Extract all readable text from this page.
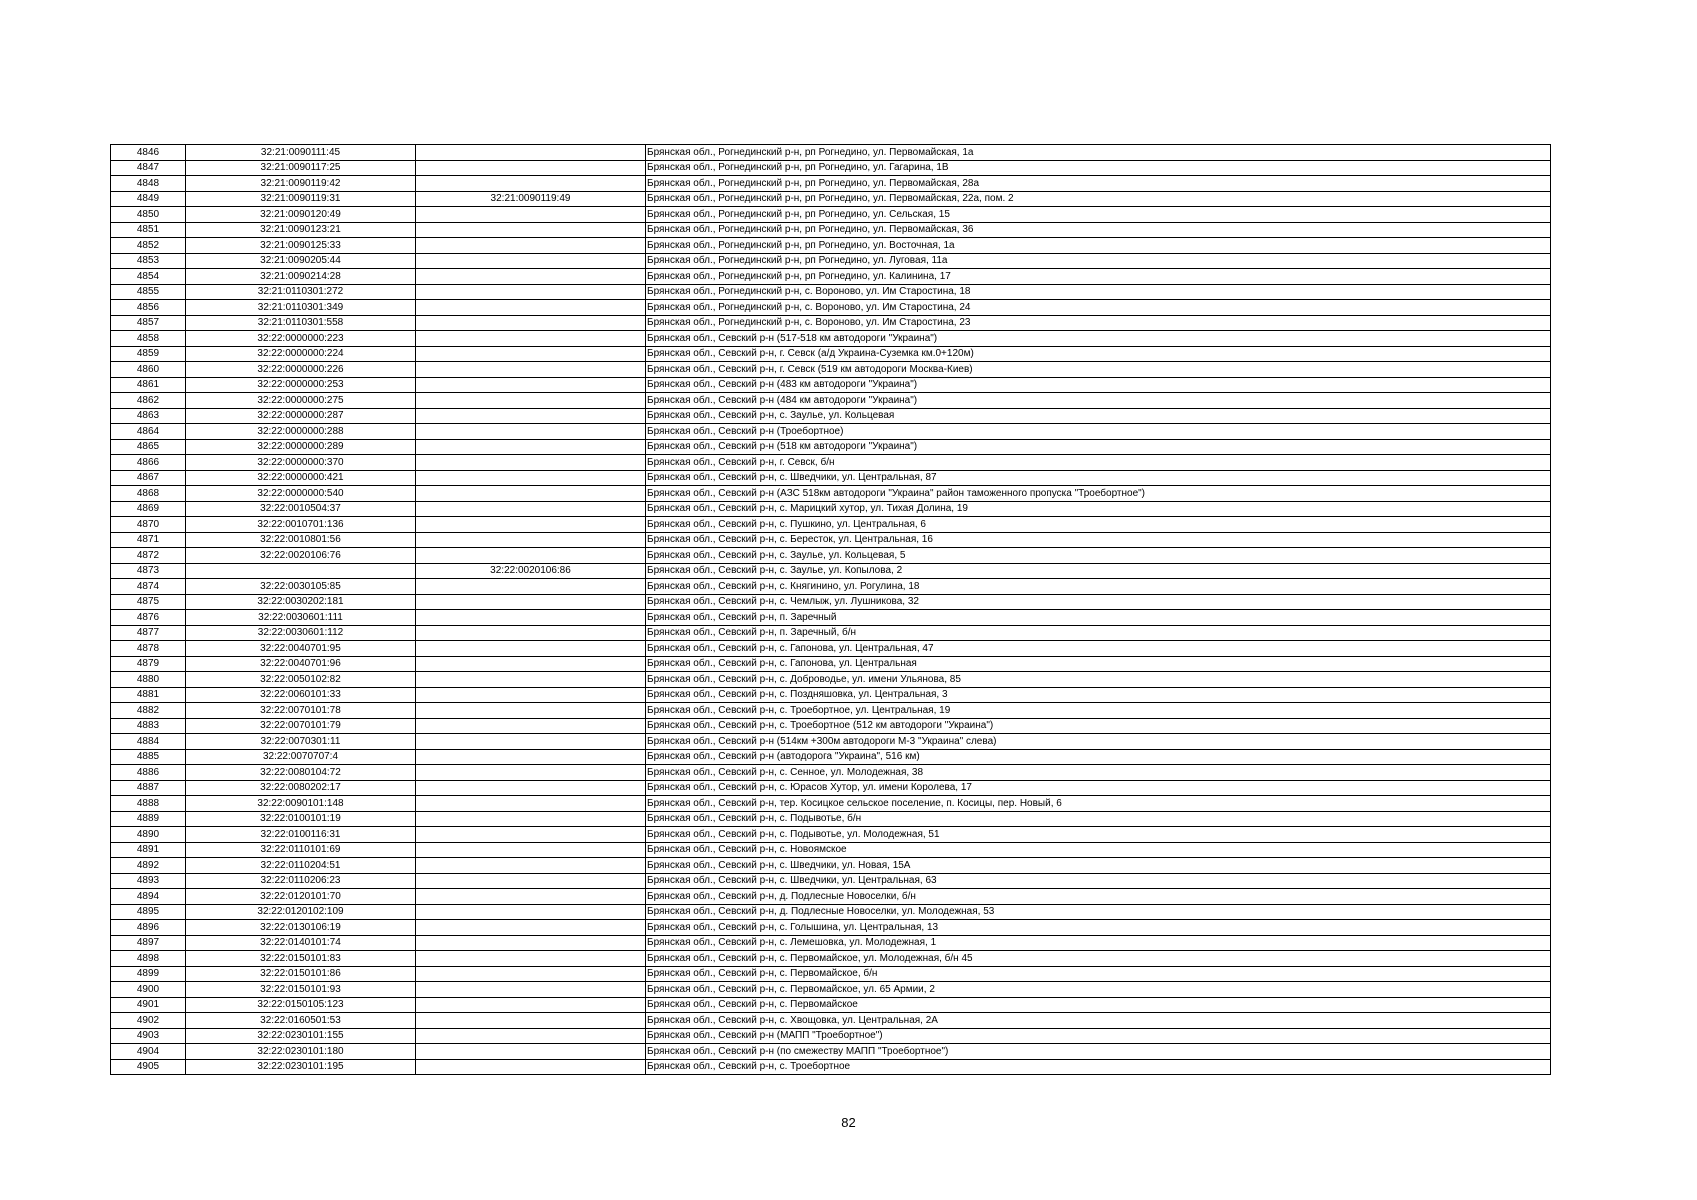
4846	32:21:0090111:45		Брянская обл., Рогнединский р-н, рп Рогнедино, ул. Первомайская, 1а
4847	32:21:0090117:25		Брянская обл., Рогнединский р-н, рп Рогнедино, ул. Гагарина, 1В
4848	32:21:0090119:42		Брянская обл., Рогнединский р-н, рп Рогнедино, ул. Первомайская, 28а
4849	32:21:0090119:31	32:21:0090119:49	Брянская обл., Рогнединский р-н, рп Рогнедино, ул. Первомайская, 22а, пом. 2
4850	32:21:0090120:49		Брянская обл., Рогнединский р-н, рп Рогнедино, ул. Сельская, 15
4851	32:21:0090123:21		Брянская обл., Рогнединский р-н, рп Рогнедино, ул. Первомайская, 36
4852	32:21:0090125:33		Брянская обл., Рогнединский р-н, рп Рогнедино, ул. Восточная, 1а
4853	32:21:0090205:44		Брянская обл., Рогнединский р-н, рп Рогнедино, ул. Луговая, 11а
4854	32:21:0090214:28		Брянская обл., Рогнединский р-н, рп Рогнедино, ул. Калинина, 17
4855	32:21:0110301:272		Брянская обл., Рогнединский р-н, с. Вороново, ул. Им Старостина, 18
4856	32:21:0110301:349		Брянская обл., Рогнединский р-н, с. Вороново, ул. Им Старостина, 24
4857	32:21:0110301:558		Брянская обл., Рогнединский р-н, с. Вороново, ул. Им Старостина, 23
4858	32:22:0000000:223		Брянская обл., Севский р-н (517-518 км автодороги "Украина")
4859	32:22:0000000:224		Брянская обл., Севский р-н, г. Севск (а/д Украина-Суземка км.0+120м)
4860	32:22:0000000:226		Брянская обл., Севский р-н, г. Севск (519 км автодороги Москва-Киев)
4861	32:22:0000000:253		Брянская обл., Севский р-н (483 км автодороги "Украина")
4862	32:22:0000000:275		Брянская обл., Севский р-н (484 км автодороги "Украина")
4863	32:22:0000000:287		Брянская обл., Севский р-н, с. Заулье, ул. Кольцевая
4864	32:22:0000000:288		Брянская обл., Севский р-н (Троебортное)
4865	32:22:0000000:289		Брянская обл., Севский р-н (518 км автодороги "Украина")
4866	32:22:0000000:370		Брянская обл., Севский р-н, г. Севск, б/н
4867	32:22:0000000:421		Брянская обл., Севский р-н, с. Шведчики, ул. Центральная, 87
4868	32:22:0000000:540		Брянская обл., Севский р-н (АЗС 518км автодороги "Украина" район таможенного пропуска "Троебортное")
4869	32:22:0010504:37		Брянская обл., Севский р-н, с. Марицкий хутор, ул. Тихая Долина, 19
4870	32:22:0010701:136		Брянская обл., Севский р-н, с. Пушкино, ул. Центральная, 6
4871	32:22:0010801:56		Брянская обл., Севский р-н, с. Бересток, ул. Центральная, 16
4872	32:22:0020106:76		Брянская обл., Севский р-н, с. Заулье, ул. Кольцевая, 5
4873		32:22:0020106:86	Брянская обл., Севский р-н, с. Заулье, ул. Копылова, 2
4874	32:22:0030105:85		Брянская обл., Севский р-н, с. Княгинино, ул. Рогулина, 18
4875	32:22:0030202:181		Брянская обл., Севский р-н, с. Чемлыж, ул. Лушникова, 32
4876	32:22:0030601:111		Брянская обл., Севский р-н, п. Заречный
4877	32:22:0030601:112		Брянская обл., Севский р-н, п. Заречный, б/н
4878	32:22:0040701:95		Брянская обл., Севский р-н, с. Гапонова, ул. Центральная, 47
4879	32:22:0040701:96		Брянская обл., Севский р-н, с. Гапонова, ул. Центральная
4880	32:22:0050102:82		Брянская обл., Севский р-н, с. Доброводье, ул. имени Ульянова, 85
4881	32:22:0060101:33		Брянская обл., Севский р-н, с. Поздняшовка, ул. Центральная, 3
4882	32:22:0070101:78		Брянская обл., Севский р-н, с. Троебортное, ул. Центральная, 19
4883	32:22:0070101:79		Брянская обл., Севский р-н, с. Троебортное (512 км автодороги "Украина")
4884	32:22:0070301:11		Брянская обл., Севский р-н (514км +300м автодороги М-3 "Украина" слева)
4885	32:22:0070707:4		Брянская обл., Севский р-н (автодорога "Украина", 516 км)
4886	32:22:0080104:72		Брянская обл., Севский р-н, с. Сенное, ул. Молодежная, 38
4887	32:22:0080202:17		Брянская обл., Севский р-н, с. Юрасов Хутор, ул. имени Королева, 17
4888	32:22:0090101:148		Брянская обл., Севский р-н, тер. Косицкое сельское поселение, п. Косицы, пер. Новый, 6
4889	32:22:0100101:19		Брянская обл., Севский р-н, с. Подывотье, б/н
4890	32:22:0100116:31		Брянская обл., Севский р-н, с. Подывотье, ул. Молодежная, 51
4891	32:22:0110101:69		Брянская обл., Севский р-н, с. Новоямское
4892	32:22:0110204:51		Брянская обл., Севский р-н, с. Шведчики, ул. Новая, 15А
4893	32:22:0110206:23		Брянская обл., Севский р-н, с. Шведчики, ул. Центральная, 63
4894	32:22:0120101:70		Брянская обл., Севский р-н, д. Подлесные Новоселки, б/н
4895	32:22:0120102:109		Брянская обл., Севский р-н, д. Подлесные Новоселки, ул. Молодежная, 53
4896	32:22:0130106:19		Брянская обл., Севский р-н, с. Голышина, ул. Центральная, 13
4897	32:22:0140101:74		Брянская обл., Севский р-н, с. Лемешовка, ул. Молодежная, 1
4898	32:22:0150101:83		Брянская обл., Севский р-н, с. Первомайское, ул. Молодежная, б/н 45
4899	32:22:0150101:86		Брянская обл., Севский р-н, с. Первомайское, б/н
4900	32:22:0150101:93		Брянская обл., Севский р-н, с. Первомайское, ул. 65 Армии, 2
4901	32:22:0150105:123		Брянская обл., Севский р-н, с. Первомайское
4902	32:22:0160501:53		Брянская обл., Севский р-н, с. Хвощовка, ул. Центральная, 2А
4903	32:22:0230101:155		Брянская обл., Севский р-н (МАПП "Троебортное")
4904	32:22:0230101:180		Брянская обл., Севский р-н (по смежеству МАПП "Троебортное")
4905	32:22:0230101:195		Брянская обл., Севский р-н, с. Троебортное
82
